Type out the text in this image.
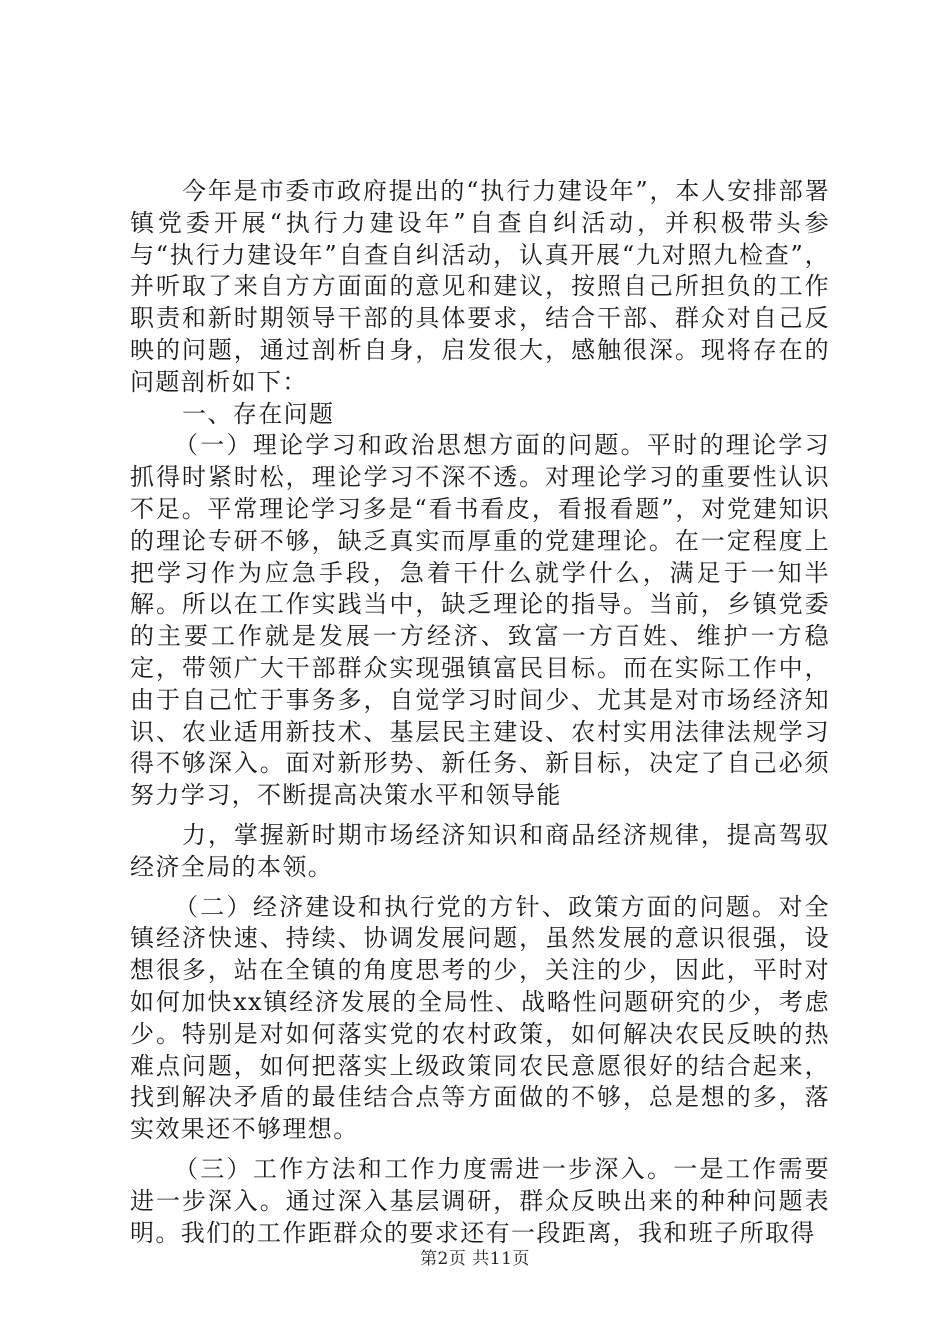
今年是市委市政府提出的“执行力建设年”，本人安排部署镇党委开展“执行力建设年”自查自纠活动，并积极带头参与“执行力建设年”自查自纠活动，认真开展“九对照九检查”，并听取了来自方方面面的意见和建议，按照自己所担负的工作职责和新时期领导干部的具体要求，结合干部、群众对自己反映的问题，通过剖析自身，启发很大，感触很深。现将存在的问题剖析如下：

一、存在问题

（一）理论学习和政治思想方面的问题。平时的理论学习抓得时紧时松，理论学习不深不透。对理论学习的重要性认识不足。平常理论学习多是“看书看皮，看报看题”，对党建知识的理论专研不够，缺乏真实而厚重的党建理论。在一定程度上把学习作为应急手段，急着干什么就学什么，满足于一知半解。所以在工作实践当中，缺乏理论的指导。当前，乡镇党委的主要工作就是发展一方经济、致富一方百姓、维护一方稳定，带领广大干部群众实现强镇富民目标。而在实际工作中，由于自己忙于事务多，自觉学习时间少、尤其是对市场经济知识、农业适用新技术、基层民主建设、农村实用法律法规学习得不够深入。面对新形势、新任务、新目标，决定了自己必须努力学习，不断提高决策水平和领导能

力，掌握新时期市场经济知识和商品经济规律，提高驾驭经济全局的本领。

（二）经济建设和执行党的方针、政策方面的问题。对全镇经济快速、持续、协调发展问题，虽然发展的意识很强，设想很多，站在全镇的角度思考的少，关注的少，因此，平时对如何加快xx镇经济发展的全局性、战略性问题研究的少，考虑少。特别是对如何落实党的农村政策，如何解决农民反映的热难点问题，如何把落实上级政策同农民意愿很好的结合起来，找到解决矛盾的最佳结合点等方面做的不够，总是想的多，落实效果还不够理想。

（三）工作方法和工作力度需进一步深入。一是工作需要进一步深入。通过深入基层调研，群众反映出来的种种问题表明。我们的工作距群众的要求还有一段距离，我和班子所取得

第2页 共11页
